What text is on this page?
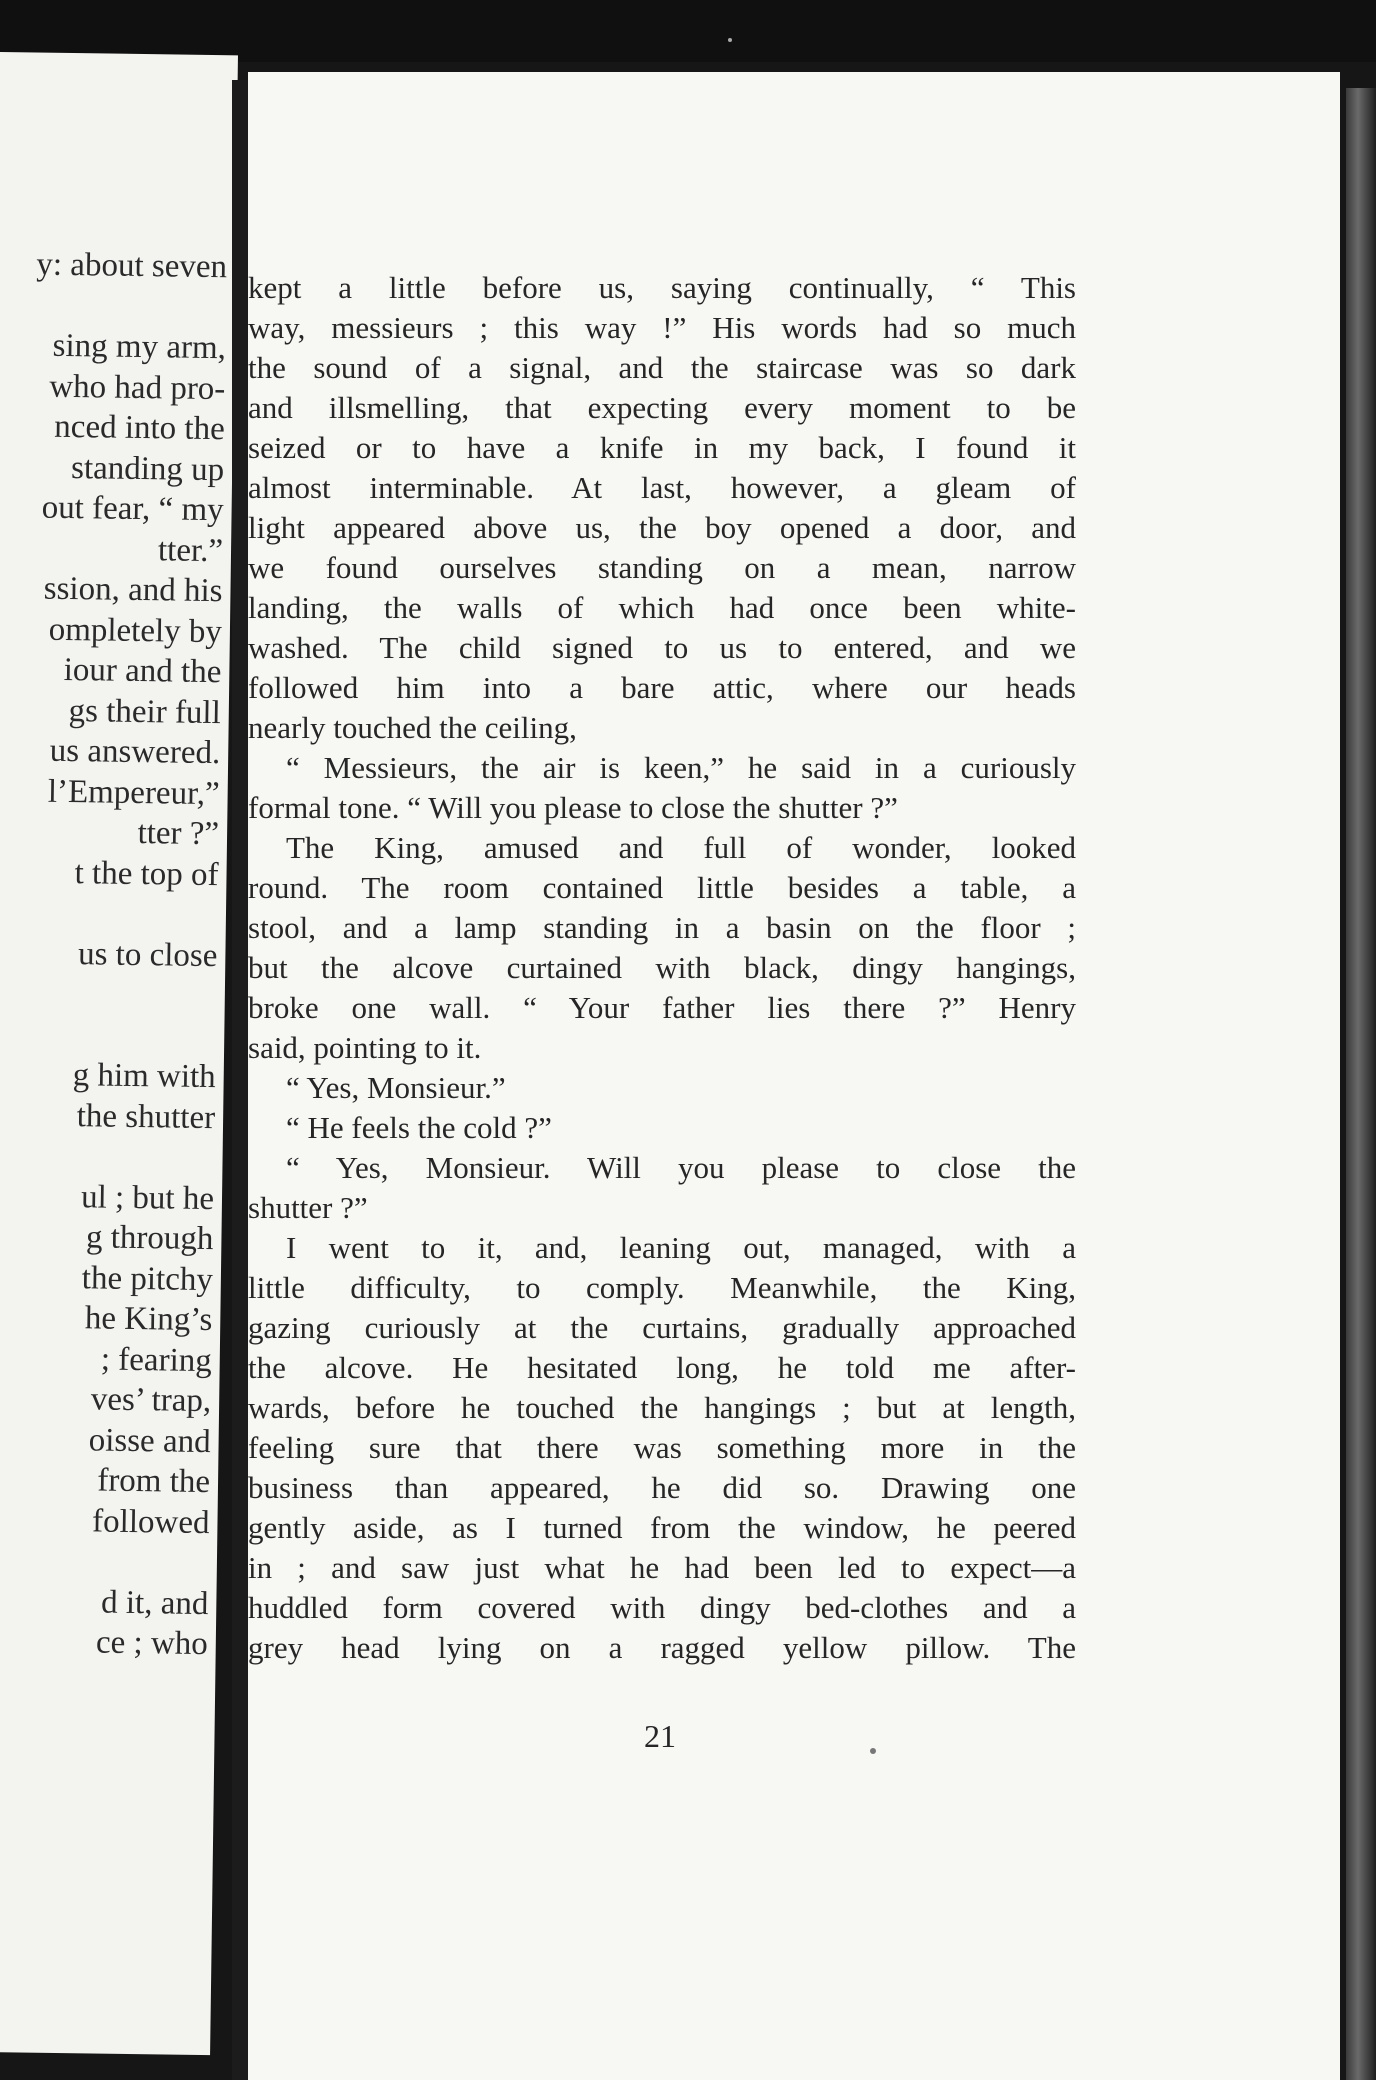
y: about seven
sing my arm,
who had pro-
nced into the
standing up
out fear, “ my
tter.”
ssion, and his
ompletely by
iour and the
gs their full
us answered.
l’Empereur,”
tter ?”
t the top of
us to close
g him with
the shutter
ul ; but he
g through
the pitchy
he King’s
; fearing
ves’ trap,
oisse and
from the
followed
d it, and
ce ; who
kept a little before us, saying continually, “ This
way, messieurs ; this way !” His words had so much
the sound of a signal, and the staircase was so dark
and illsmelling, that expecting every moment to be
seized or to have a knife in my back, I found it
almost interminable. At last, however, a gleam of
light appeared above us, the boy opened a door, and
we found ourselves standing on a mean, narrow
landing, the walls of which had once been white-
washed. The child signed to us to entered, and we
followed him into a bare attic, where our heads
nearly touched the ceiling,
“ Messieurs, the air is keen,” he said in a curiously
formal tone. “ Will you please to close the shutter ?”
The King, amused and full of wonder, looked
round. The room contained little besides a table, a
stool, and a lamp standing in a basin on the floor ;
but the alcove curtained with black, dingy hangings,
broke one wall. “ Your father lies there ?” Henry
said, pointing to it.
“ Yes, Monsieur.”
“ He feels the cold ?”
“ Yes, Monsieur. Will you please to close the
shutter ?”
I went to it, and, leaning out, managed, with a
little difficulty, to comply. Meanwhile, the King,
gazing curiously at the curtains, gradually approached
the alcove. He hesitated long, he told me after-
wards, before he touched the hangings ; but at length,
feeling sure that there was something more in the
business than appeared, he did so. Drawing one
gently aside, as I turned from the window, he peered
in ; and saw just what he had been led to expect—a
huddled form covered with dingy bed-clothes and a
grey head lying on a ragged yellow pillow. The
21
